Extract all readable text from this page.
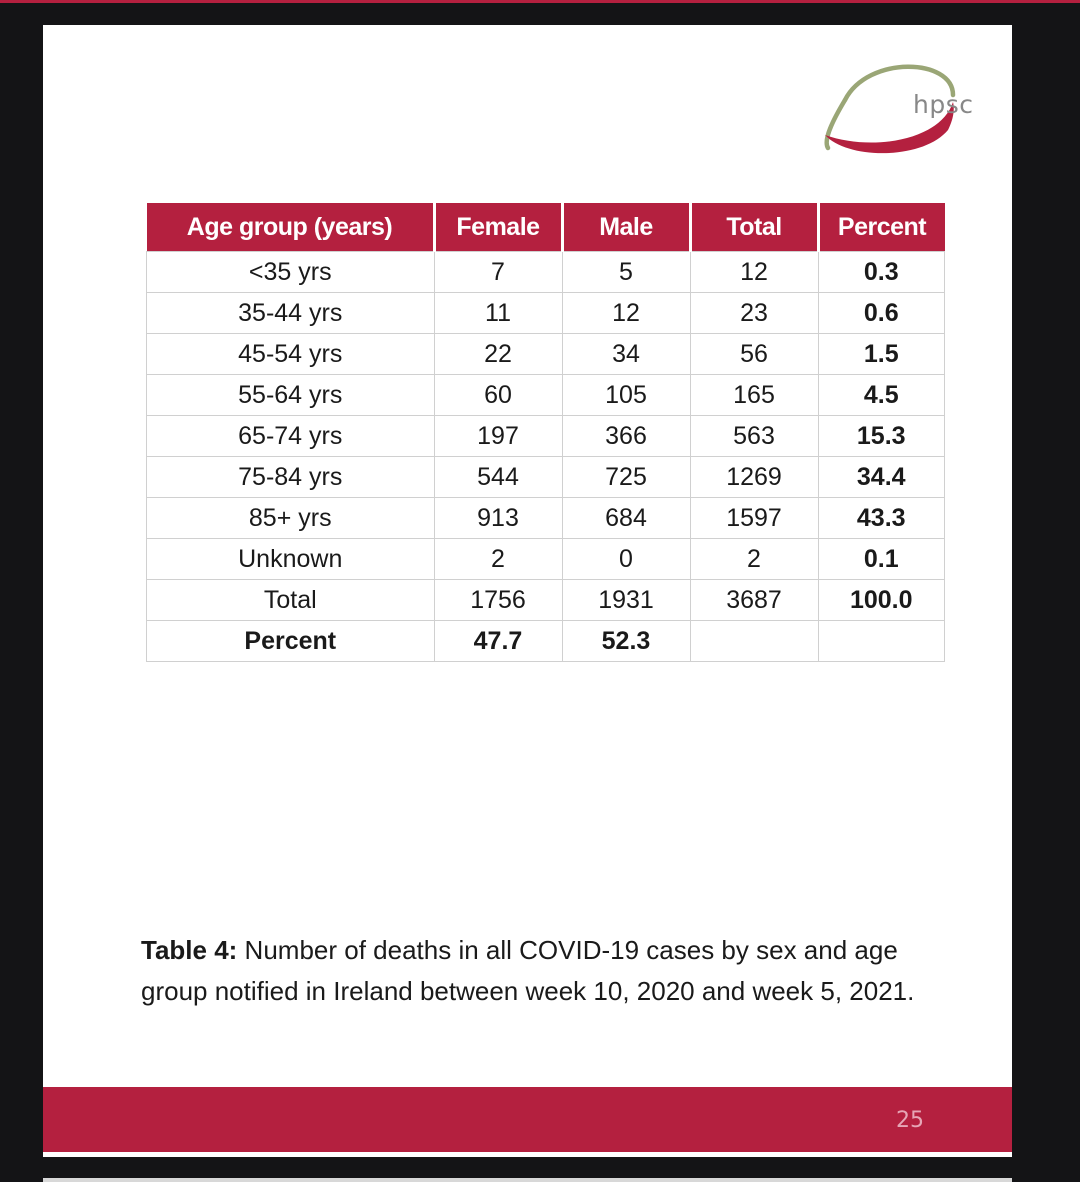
hpsc
Age group (years)	Female	Male	Total	Percent
<35 yrs	7	5	12	0.3
35-44 yrs	11	12	23	0.6
45-54 yrs	22	34	56	1.5
55-64 yrs	60	105	165	4.5
65-74 yrs	197	366	563	15.3
75-84 yrs	544	725	1269	34.4
85+ yrs	913	684	1597	43.3
Unknown	2	0	2	0.1
Total	1756	1931	3687	100.0
Percent	47.7	52.3		
Table 4: Number of deaths in all COVID-19 cases by sex and age group notified in Ireland between week 10, 2020 and week 5, 2021.
25
